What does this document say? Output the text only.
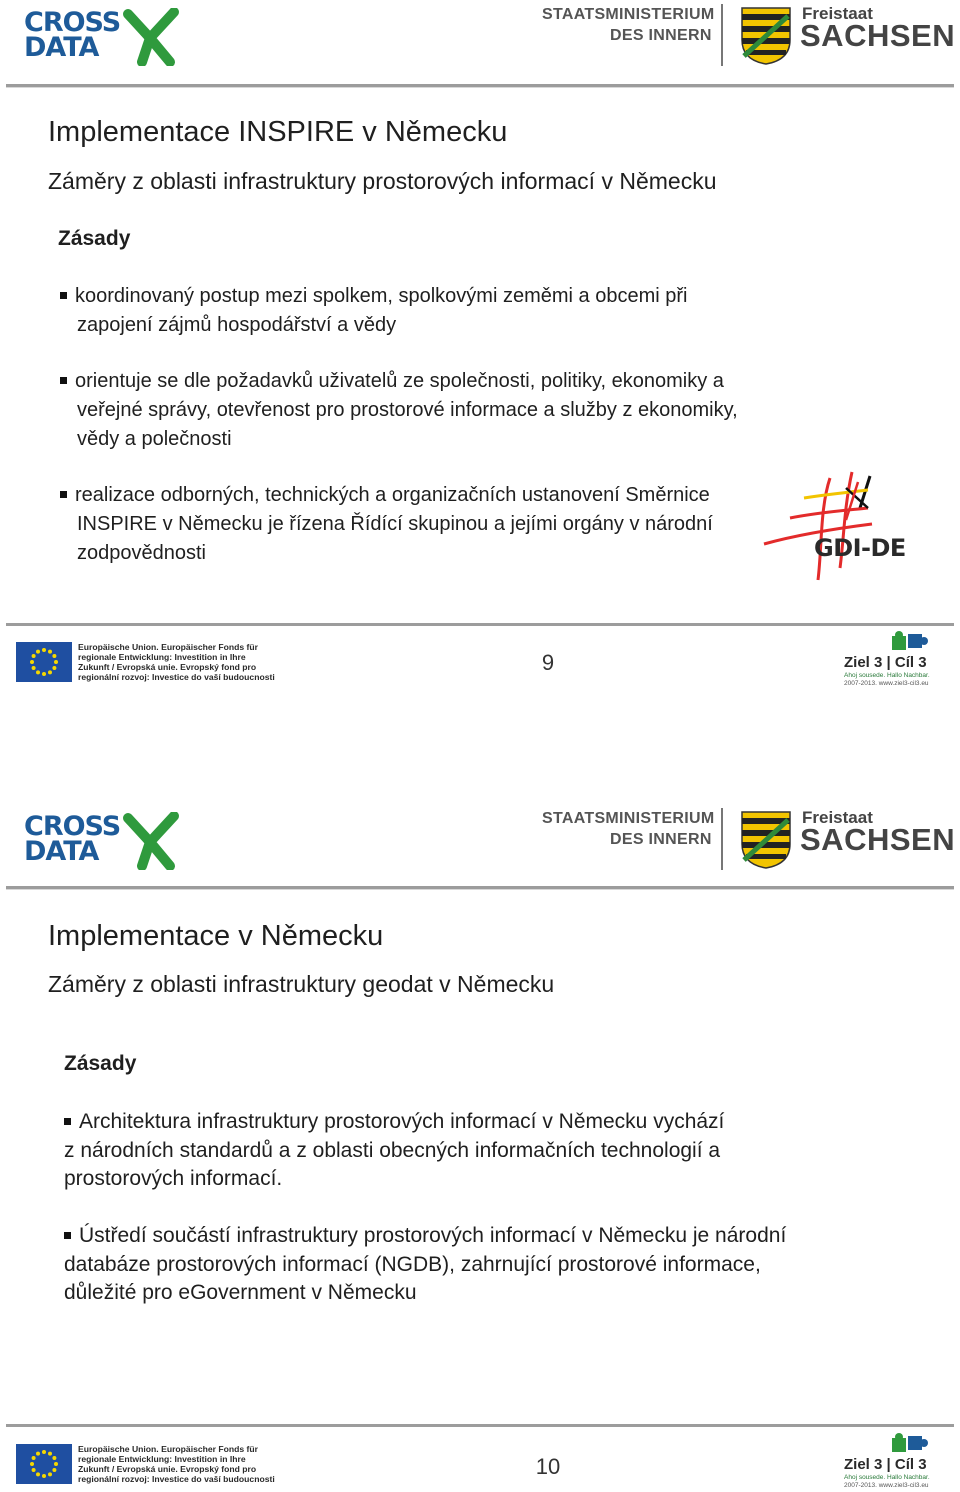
CROSS
DATA
STAATSMINISTERIUM
DES INNERN
Freistaat
SACHSEN
Implementace INSPIRE v Německu
Záměry z oblasti infrastruktury prostorových informací v Německu
Zásady
koordinovaný postup mezi spolkem, spolkovými zeměmi a obcemi při
zapojení zájmů hospodářství a vědy
orientuje se dle požadavků uživatelů ze společnosti, politiky, ekonomiky a
veřejné správy, otevřenost pro prostorové informace a služby z ekonomiky,
vědy a polečnosti
realizace odborných, technických a organizačních ustanovení Směrnice
INSPIRE v Německu je řízena Řídící skupinou a jejími orgány v národní
zodpovědnosti	GDI-DE
Europäische Union. Europäischer Fonds für
regionale Entwicklung: Investition in Ihre
Zukunft / Evropská unie. Evropský fond pro
regionální rozvoj: Investice do vaší budoucnosti
9	Ziel 3 | Cíl 3
Ahoj sousede. Hallo Nachbar.
2007-2013. www.ziel3-cil3.eu
CROSS
DATA
STAATSMINISTERIUM
DES INNERN
Freistaat
SACHSEN
Implementace v Německu
Záměry z oblasti infrastruktury geodat v Německu
Zásady
Architektura infrastruktury prostorových informací v Německu vychází
z národních standardů a z oblasti obecných informačních technologií a
prostorových informací.
Ústředí součástí infrastruktury prostorových informací v Německu je národní
databáze prostorových informací (NGDB), zahrnující prostorové informace,
důležité pro eGovernment v Německu
Europäische Union. Europäischer Fonds für
regionale Entwicklung: Investition in Ihre
Zukunft / Evropská unie. Evropský fond pro
regionální rozvoj: Investice do vaší budoucnosti	10	Ziel 3 | Cíl 3
Ahoj sousede. Hallo Nachbar.
2007-2013. www.ziel3-cil3.eu
